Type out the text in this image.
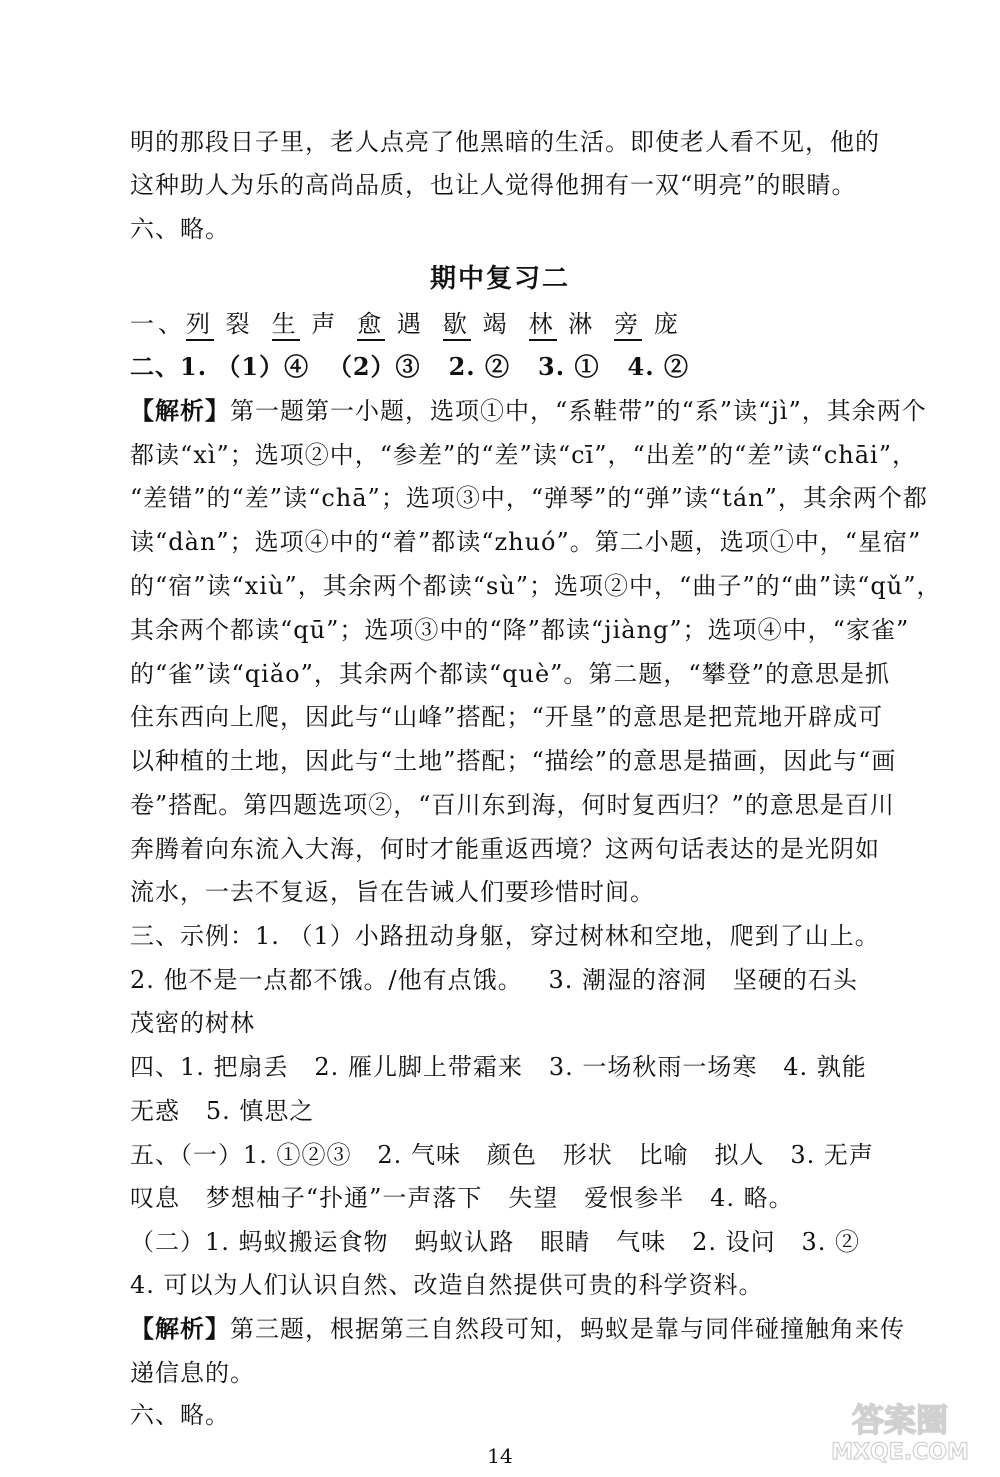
明的那段日子里，老人点亮了他黑暗的生活。即使老人看不见，他的
这种助人为乐的高尚品质，也让人觉得他拥有一双“明亮”的眼睛。
六、略。
期中复习二
一、列 裂 生 声 愈 遇 歇 竭 林 淋 旁 庞
二、1. （1）④  （2）③   2. ②   3. ①   4. ②
【解析】第一题第一小题，选项①中，“系鞋带”的“系”读“jì”，其余两个
都读“xì”；选项②中，“参差”的“差”读“cī”，“出差”的“差”读“chāi”，
“差错”的“差”读“chā”；选项③中，“弹琴”的“弹”读“tán”，其余两个都
读“dàn”；选项④中的“着”都读“zhuó”。第二小题，选项①中，“星宿”
的“宿”读“xiù”，其余两个都读“sù”；选项②中，“曲子”的“曲”读“qǔ”，
其余两个都读“qū”；选项③中的“降”都读“jiàng”；选项④中，“家雀”
的“雀”读“qiǎo”，其余两个都读“què”。第二题，“攀登”的意思是抓
住东西向上爬，因此与“山峰”搭配；“开垦”的意思是把荒地开辟成可
以种植的土地，因此与“土地”搭配；“描绘”的意思是描画，因此与“画
卷”搭配。第四题选项②，“百川东到海，何时复西归？”的意思是百川
奔腾着向东流入大海，何时才能重返西境？这两句话表达的是光阴如
流水，一去不复返，旨在告诫人们要珍惜时间。
三、示例：1. （1）小路扭动身躯，穿过树林和空地，爬到了山上。
2. 他不是一点都不饿。/他有点饿。   3. 潮湿的溶洞   坚硬的石头
茂密的树林
四、1. 把扇丢   2. 雁儿脚上带霜来   3. 一场秋雨一场寒   4. 孰能
无惑   5. 慎思之
五、（一）1. ①②③   2. 气味   颜色   形状   比喻   拟人   3. 无声
叹息   梦想柚子“扑通”一声落下   失望   爱恨参半   4. 略。
（二）1. 蚂蚁搬运食物   蚂蚁认路   眼睛   气味   2. 设问   3. ②
4. 可以为人们认识自然、改造自然提供可贵的科学资料。
【解析】第三题，根据第三自然段可知，蚂蚁是靠与同伴碰撞触角来传
递信息的。
六、略。
14
答案圈
MXQE.COM
